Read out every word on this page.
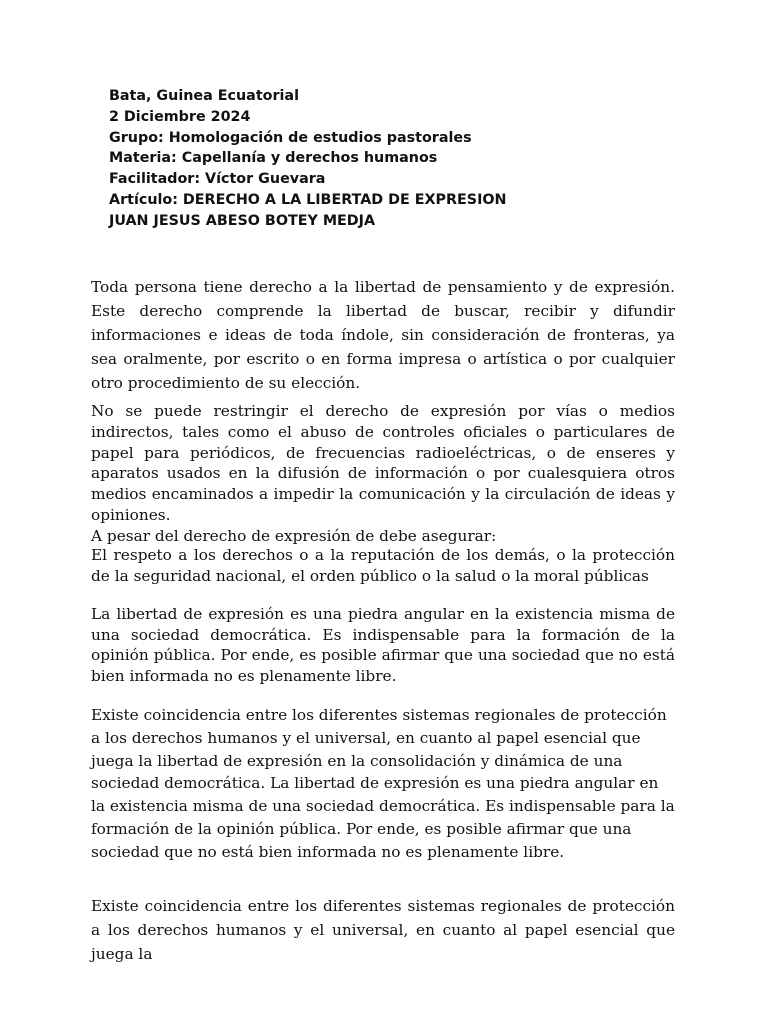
Bata, Guinea Ecuatorial
2 Diciembre 2024
Grupo: Homologación de estudios pastorales
Materia: Capellanía y derechos humanos
Facilitador: Víctor Guevara
Artículo: DERECHO A LA LIBERTAD DE EXPRESION
JUAN JESUS ABESO BOTEY MEDJA

Toda persona tiene derecho a la libertad de pensamiento y de expresión. Este derecho comprende la libertad de buscar, recibir y difundir informaciones e ideas de toda índole, sin consideración de fronteras, ya sea oralmente, por escrito o en forma impresa o artística o por cualquier otro procedimiento de su elección.

No se puede restringir el derecho de expresión por vías o medios indirectos, tales como el abuso de controles oficiales o particulares de papel para periódicos, de frecuencias radioeléctricas, o de enseres y aparatos usados en la difusión de información o por cualesquiera otros medios encaminados a impedir la comunicación y la circulación de ideas y opiniones.
A pesar del derecho de expresión de debe asegurar:

El respeto a los derechos o a la reputación de los demás, o la protección de la seguridad nacional, el orden público o la salud o la moral públicas

La libertad de expresión es una piedra angular en la existencia misma de una sociedad democrática. Es indispensable para la formación de la opinión pública. Por ende, es posible afirmar que una sociedad que no está bien informada no es plenamente libre.

Existe coincidencia entre los diferentes sistemas regionales de protección a los derechos humanos y el universal, en cuanto al papel esencial que juega la libertad de expresión en la consolidación y dinámica de una sociedad democrática. La libertad de expresión es una piedra angular en la existencia misma de una sociedad democrática. Es indispensable para la formación de la opinión pública. Por ende, es posible afirmar que una sociedad que no está bien informada no es plenamente libre.

Existe coincidencia entre los diferentes sistemas regionales de protección a los derechos humanos y el universal, en cuanto al papel esencial que juega la
